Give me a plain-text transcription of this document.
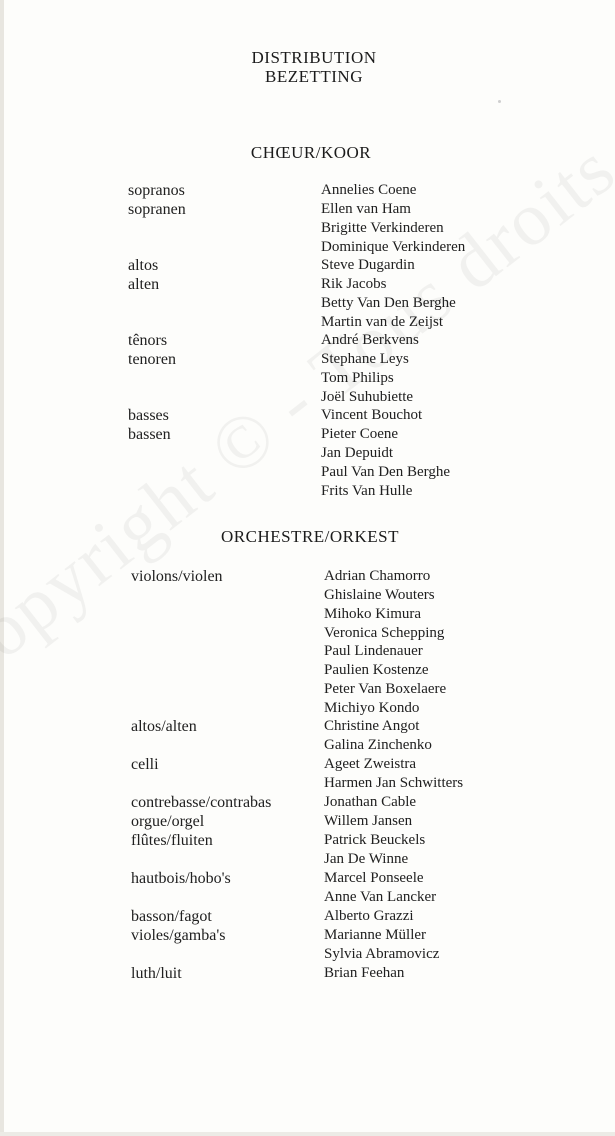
DISTRIBUTION
BEZETTING
CHŒUR/KOOR
sopranos
sopranen
altos
alten
tênors
tenoren
basses
bassen
Annelies Coene
Ellen van Ham
Brigitte Verkinderen
Dominique Verkinderen
Steve Dugardin
Rik Jacobs
Betty Van Den Berghe
Martin van de Zeijst
André Berkvens
Stephane Leys
Tom Philips
Joël Suhubiette
Vincent Bouchot
Pieter Coene
Jan Depuidt
Paul Van Den Berghe
Frits Van Hulle
ORCHESTRE/ORKEST
violons/violen
altos/alten
celli
contrebasse/contrabas
orgue/orgel
flûtes/fluiten
hautbois/hobo's
basson/fagot
violes/gamba's
luth/luit
Adrian Chamorro
Ghislaine Wouters
Mihoko Kimura
Veronica Schepping
Paul Lindenauer
Paulien Kostenze
Peter Van Boxelaere
Michiyo Kondo
Christine Angot
Galina Zinchenko
Ageet Zweistra
Harmen Jan Schwitters
Jonathan Cable
Willem Jansen
Patrick Beuckels
Jan De Winne
Marcel Ponseele
Anne Van Lancker
Alberto Grazzi
Marianne Müller
Sylvia Abramovicz
Brian Feehan
